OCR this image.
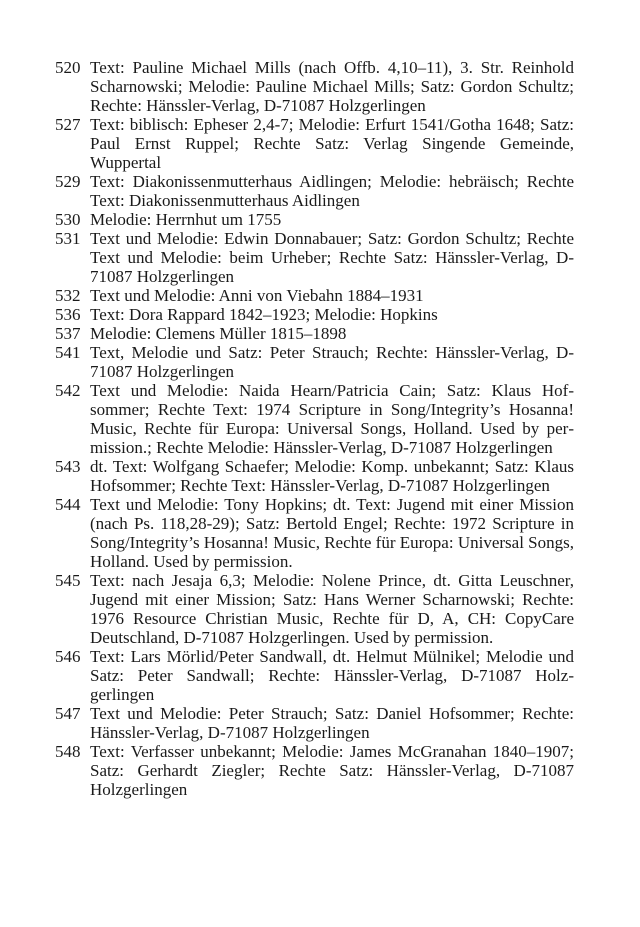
520 Text: Pauline Michael Mills (nach Offb. 4,10–11), 3. Str. Reinhold Scharnowski; Melodie: Pauline Michael Mills; Satz: Gordon Schultz; Rechte: Hänssler-Verlag, D-71087 Holzgerlingen
527 Text: biblisch: Epheser 2,4-7; Melodie: Erfurt 1541/Gotha 1648; Satz: Paul Ernst Ruppel; Rechte Satz: Verlag Singende Gemeinde, Wuppertal
529 Text: Diakonissenmutterhaus Aidlingen; Melodie: hebräisch; Rechte Text: Diakonissenmutterhaus Aidlingen
530 Melodie: Herrnhut um 1755
531 Text und Melodie: Edwin Donnabauer; Satz: Gordon Schultz; Rechte Text und Melodie: beim Urheber; Rechte Satz: Hänssler-Verlag, D-71087 Holzgerlingen
532 Text und Melodie: Anni von Viebahn 1884–1931
536 Text: Dora Rappard 1842–1923; Melodie: Hopkins
537 Melodie: Clemens Müller 1815–1898
541 Text, Melodie und Satz: Peter Strauch; Rechte: Hänssler-Verlag, D-71087 Holzgerlingen
542 Text und Melodie: Naida Hearn/Patricia Cain; Satz: Klaus Hofsommer; Rechte Text: 1974 Scripture in Song/Integrity’s Hosanna! Music, Rechte für Europa: Universal Songs, Holland. Used by permission.; Rechte Melodie: Hänssler-Verlag, D-71087 Holzgerlingen
543 dt. Text: Wolfgang Schaefer; Melodie: Komp. unbekannt; Satz: Klaus Hofsommer; Rechte Text: Hänssler-Verlag, D-71087 Holzgerlingen
544 Text und Melodie: Tony Hopkins; dt. Text: Jugend mit einer Mission (nach Ps. 118,28-29); Satz: Bertold Engel; Rechte: 1972 Scripture in Song/Integrity’s Hosanna! Music, Rechte für Europa: Universal Songs, Holland. Used by permission.
545 Text: nach Jesaja 6,3; Melodie: Nolene Prince, dt. Gitta Leuschner, Jugend mit einer Mission; Satz: Hans Werner Scharnowski; Rechte: 1976 Resource Christian Music, Rechte für D, A, CH: CopyCare Deutschland, D-71087 Holzgerlingen. Used by permission.
546 Text: Lars Mörlid/Peter Sandwall, dt. Helmut Mülnikel; Melodie und Satz: Peter Sandwall; Rechte: Hänssler-Verlag, D-71087 Holzgerlingen
547 Text und Melodie: Peter Strauch; Satz: Daniel Hofsommer; Rechte: Hänssler-Verlag, D-71087 Holzgerlingen
548 Text: Verfasser unbekannt; Melodie: James McGranahan 1840–1907; Satz: Gerhardt Ziegler; Rechte Satz: Hänssler-Verlag, D-71087 Holzgerlingen
